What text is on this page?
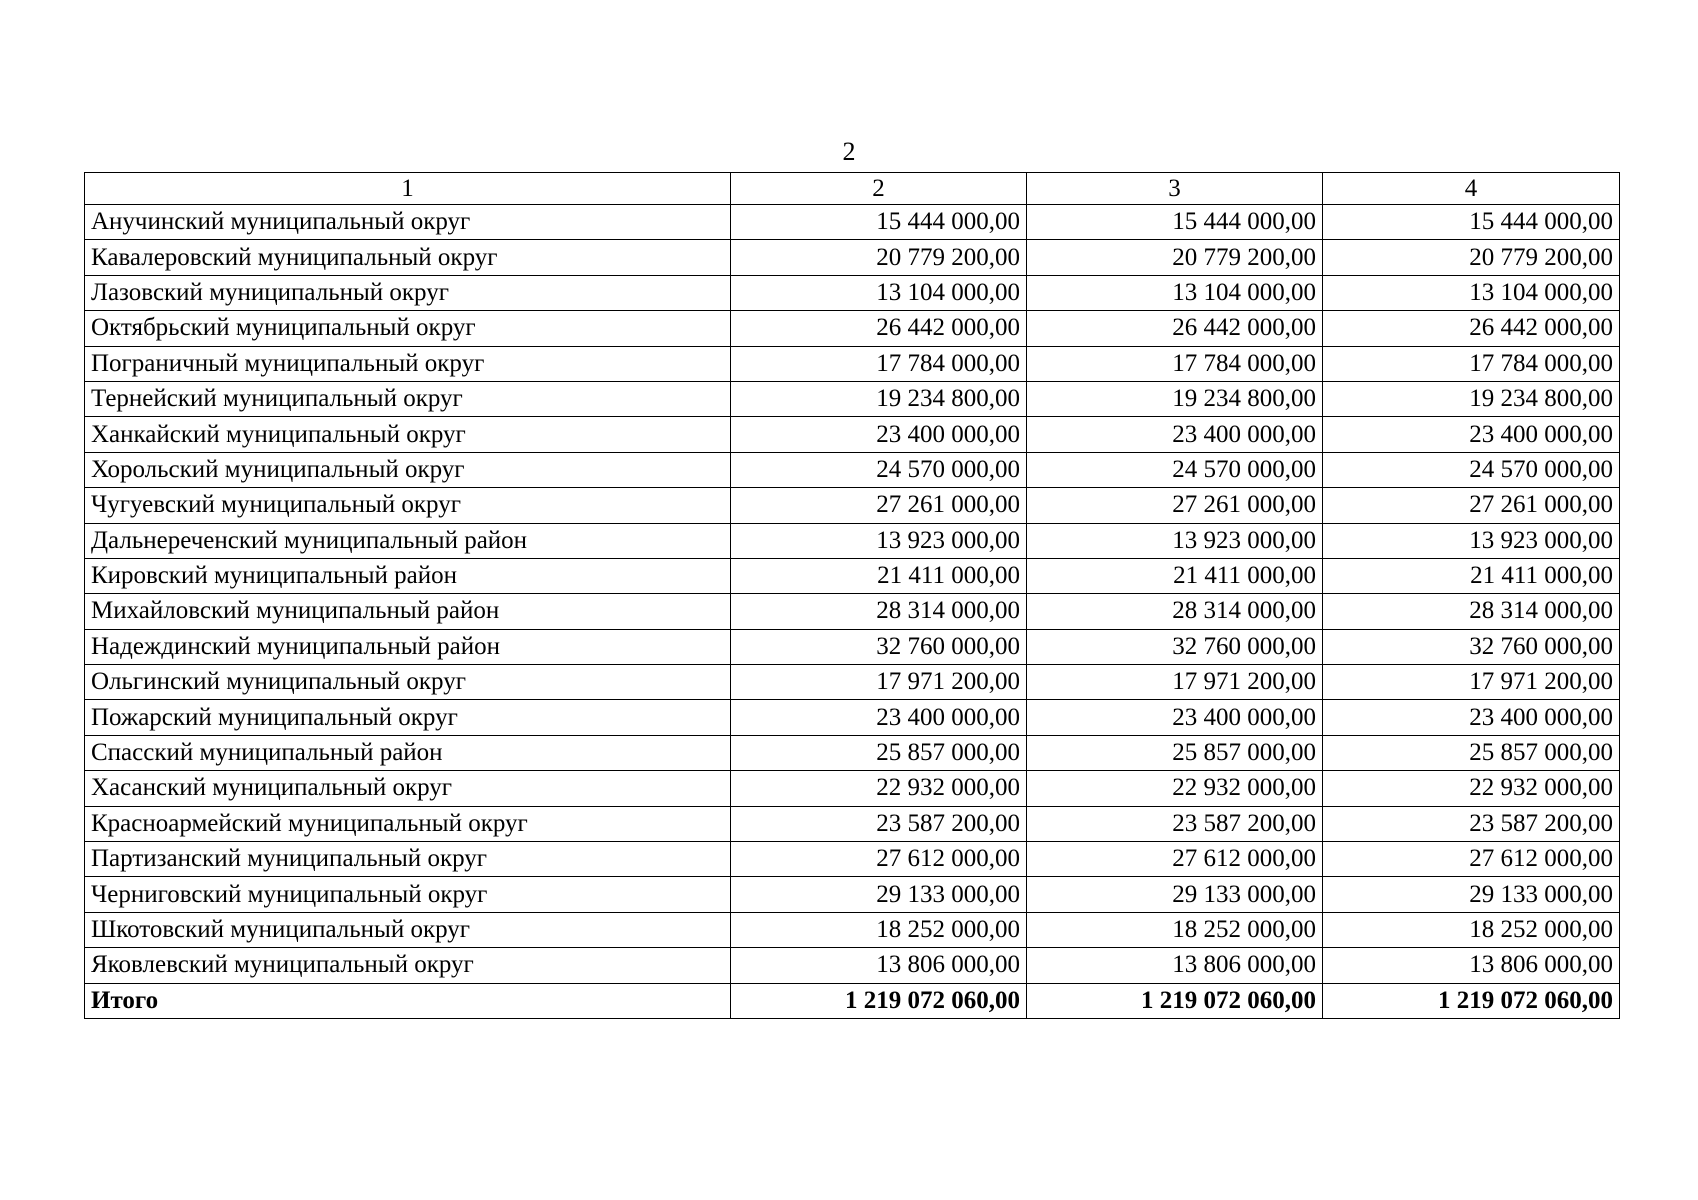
2
1	2	3	4
Анучинский муниципальный округ	15 444 000,00	15 444 000,00	15 444 000,00
Кавалеровский муниципальный округ	20 779 200,00	20 779 200,00	20 779 200,00
Лазовский муниципальный округ	13 104 000,00	13 104 000,00	13 104 000,00
Октябрьский муниципальный округ	26 442 000,00	26 442 000,00	26 442 000,00
Пограничный муниципальный округ	17 784 000,00	17 784 000,00	17 784 000,00
Тернейский муниципальный округ	19 234 800,00	19 234 800,00	19 234 800,00
Ханкайский муниципальный округ	23 400 000,00	23 400 000,00	23 400 000,00
Хорольский муниципальный округ	24 570 000,00	24 570 000,00	24 570 000,00
Чугуевский муниципальный округ	27 261 000,00	27 261 000,00	27 261 000,00
Дальнереченский муниципальный район	13 923 000,00	13 923 000,00	13 923 000,00
Кировский муниципальный район	21 411 000,00	21 411 000,00	21 411 000,00
Михайловский муниципальный район	28 314 000,00	28 314 000,00	28 314 000,00
Надеждинский муниципальный район	32 760 000,00	32 760 000,00	32 760 000,00
Ольгинский муниципальный округ	17 971 200,00	17 971 200,00	17 971 200,00
Пожарский муниципальный округ	23 400 000,00	23 400 000,00	23 400 000,00
Спасский муниципальный район	25 857 000,00	25 857 000,00	25 857 000,00
Хасанский муниципальный округ	22 932 000,00	22 932 000,00	22 932 000,00
Красноармейский муниципальный округ	23 587 200,00	23 587 200,00	23 587 200,00
Партизанский муниципальный округ	27 612 000,00	27 612 000,00	27 612 000,00
Черниговский муниципальный округ	29 133 000,00	29 133 000,00	29 133 000,00
Шкотовский муниципальный округ	18 252 000,00	18 252 000,00	18 252 000,00
Яковлевский муниципальный округ	13 806 000,00	13 806 000,00	13 806 000,00
Итого	1 219 072 060,00	1 219 072 060,00	1 219 072 060,00
